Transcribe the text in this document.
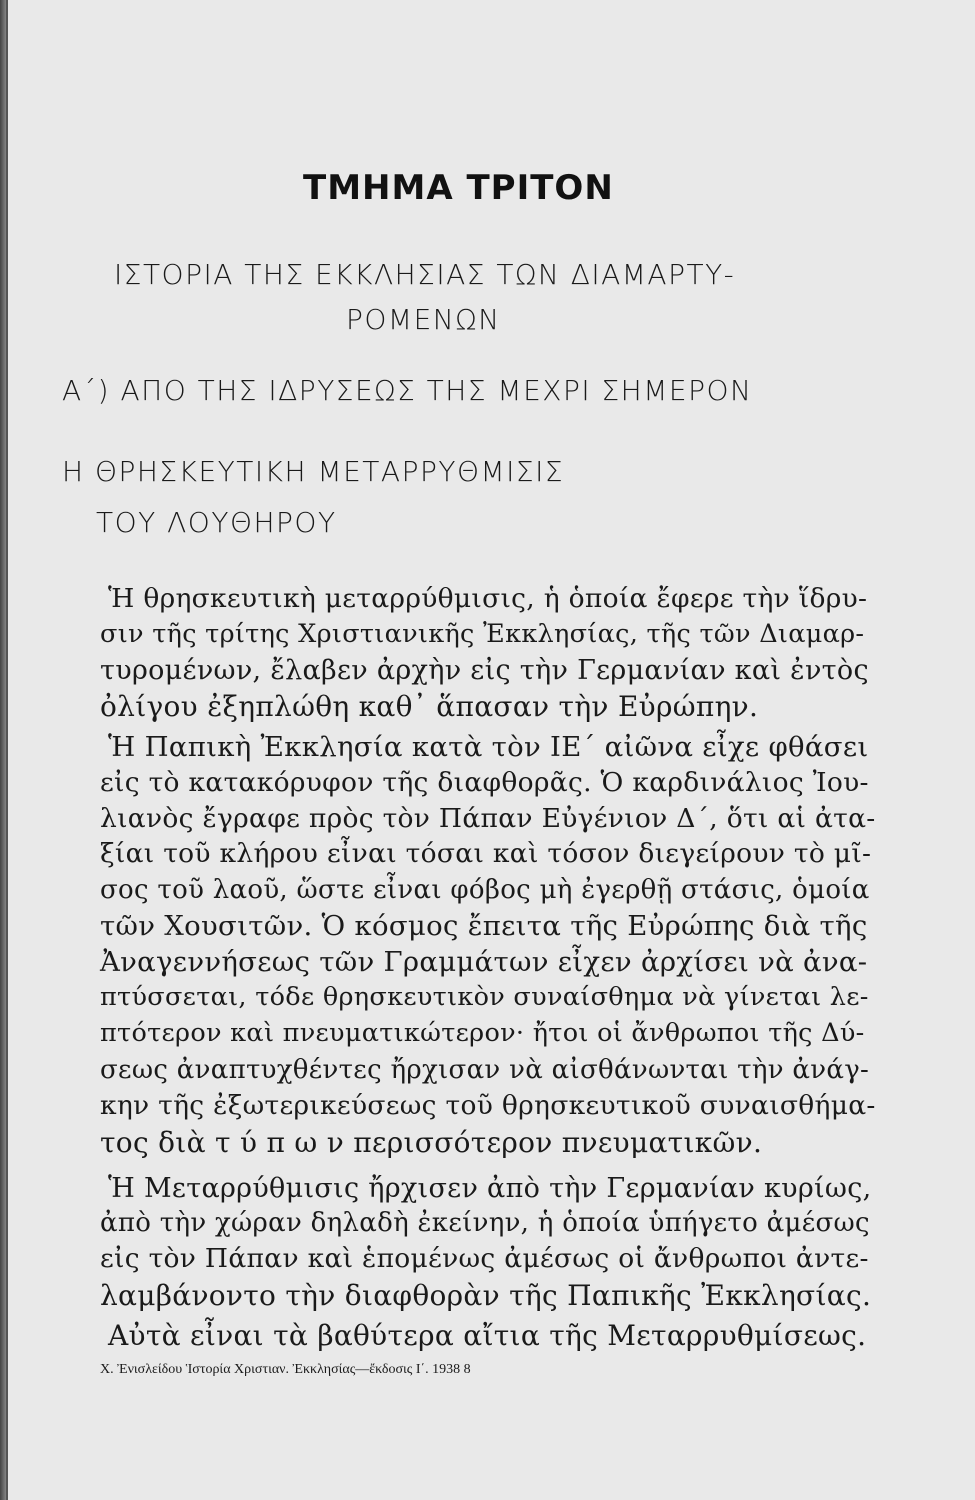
ΤΜΗΜΑ ΤΡΙΤΟΝ
ΙΣΤΟΡΙΑ ΤΗΣ ΕΚΚΛΗΣΙΑΣ ΤΩΝ ΔΙΑΜΑΡΤΥ-
ΡΟΜΕΝΩΝ
Α΄) ΑΠΟ ΤΗΣ ΙΔΡΥΣΕΩΣ ΤΗΣ ΜΕΧΡΙ ΣΗΜΕΡΟΝ
Η ΘΡΗΣΚΕΥΤΙΚΗ ΜΕΤΑΡΡΥΘΜΙΣΙΣ
ΤΟΥ ΛΟΥΘΗΡΟΥ
Ἡ θρησκευτικὴ μεταρρύθμισις, ἡ ὁποία ἔφερε τὴν ἵδρυ-
σιν τῆς τρίτης Χριστιανικῆς Ἐκκλησίας, τῆς τῶν Διαμαρ-
τυρομένων, ἔλαβεν ἀρχὴν εἰς τὴν Γερμανίαν καὶ ἐντὸς
ὀλίγου ἐξηπλώθη καθ᾽ ἅπασαν τὴν Εὐρώπην.
Ἡ Παπικὴ Ἐκκλησία κατὰ τὸν ΙΕ΄ αἰῶνα εἶχε φθάσει
εἰς τὸ κατακόρυφον τῆς διαφθορᾶς. Ὁ καρδινάλιος Ἰου-
λιανὸς ἔγραφε πρὸς τὸν Πάπαν Εὐγένιον Δ΄, ὅτι αἱ ἀτα-
ξίαι τοῦ κλήρου εἶναι τόσαι καὶ τόσον διεγείρουν τὸ μῖ-
σος τοῦ λαοῦ, ὥστε εἶναι φόβος μὴ ἐγερθῇ στάσις, ὁμοία
τῶν Χουσιτῶν. Ὁ κόσμος ἔπειτα τῆς Εὐρώπης διὰ τῆς
Ἀναγεννήσεως τῶν Γραμμάτων εἶχεν ἀρχίσει νὰ ἀνα-
πτύσσεται, τόδε θρησκευτικὸν συναίσθημα νὰ γίνεται λε-
πτότερον καὶ πνευματικώτερον· ἤτοι οἱ ἄνθρωποι τῆς Δύ-
σεως ἀναπτυχθέντες ἤρχισαν νὰ αἰσθάνωνται τὴν ἀνάγ-
κην τῆς ἐξωτερικεύσεως τοῦ θρησκευτικοῦ συναισθήμα-
τος διὰ τ ύ π ω ν περισσότερον πνευματικῶν.
Ἡ Μεταρρύθμισις ἤρχισεν ἀπὸ τὴν Γερμανίαν κυρίως,
ἀπὸ τὴν χώραν δηλαδὴ ἐκείνην, ἡ ὁποία ὑπήγετο ἀμέσως
εἰς τὸν Πάπαν καὶ ἑπομένως ἀμέσως οἱ ἄνθρωποι ἀντε-
λαμβάνοντο τὴν διαφθορὰν τῆς Παπικῆς Ἐκκλησίας.
Αὐτὰ εἶναι τὰ βαθύτερα αἴτια τῆς Μεταρρυθμίσεως.
Χ. Ἐνισλείδου Ἱστορία Χριστιαν. Ἐκκλησίας—ἔκδοσις Ι΄. 1938 8
